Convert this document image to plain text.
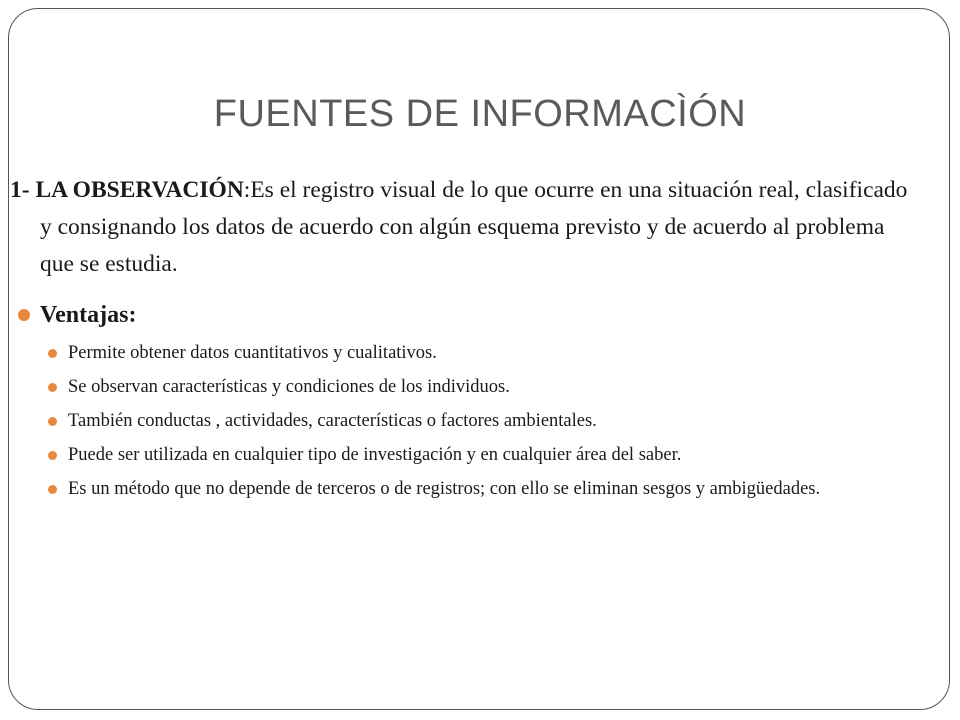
FUENTES DE INFORMACÌÓN
1- LA OBSERVACIÓN:Es el registro visual de lo que ocurre en una situación real, clasificado y consignando los datos de acuerdo con algún esquema previsto y de acuerdo al problema que se estudia.
Ventajas:
Permite obtener datos cuantitativos y cualitativos.
Se observan características y condiciones de los individuos.
También conductas , actividades, características o factores ambientales.
Puede ser utilizada en cualquier tipo de investigación y en cualquier área del saber.
Es un método que no depende de terceros o de registros; con ello se eliminan sesgos y ambigüedades.
